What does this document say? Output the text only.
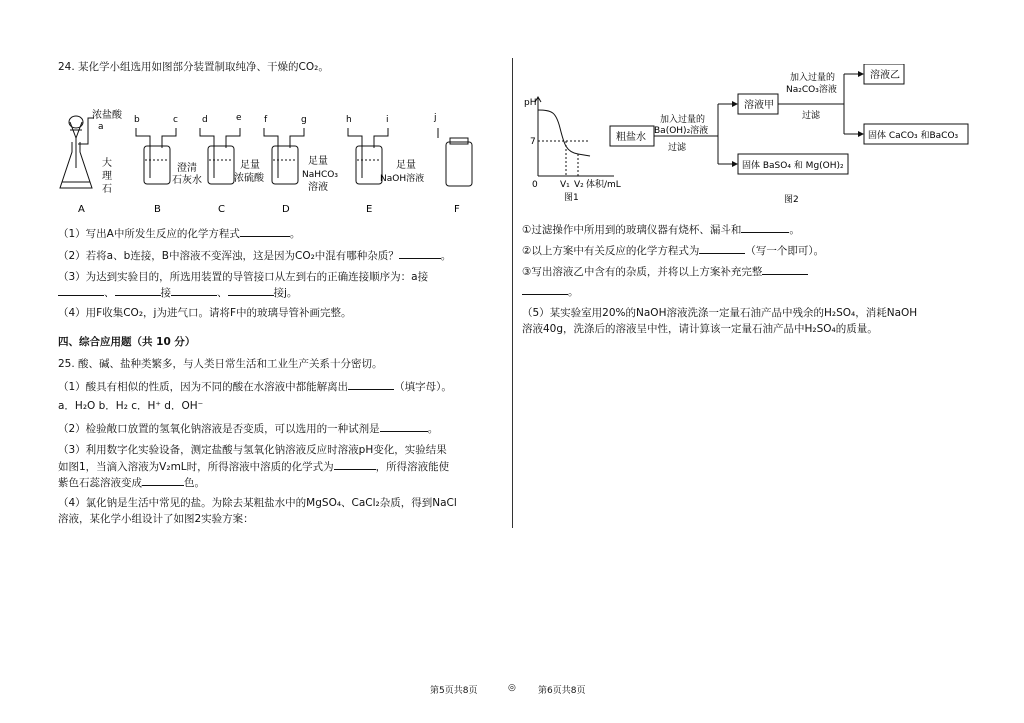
24. 某化学小组选用如图部分装置制取纯净、干燥的CO₂。
浓盐酸
a
大
理
石
b	c
澄清
石灰水
d	e
足量
浓硫酸
f	g
足量
NaHCO₃
溶液
h	i
足量
NaOH溶液
j
A	B	C	D	E	F
（1）写出A中所发生反应的化学方程式	。
（2）若将a、b连接，B中溶液不变浑浊，这是因为CO₂中混有哪种杂质？	。
（3）为达到实验目的，所选用装置的导管接口从左到右的正确连接顺序为：a接
、	接	、	接j。
（4）用F收集CO₂，j为进气口。请将F中的玻璃导管补画完整。
四、综合应用题（共 10 分）
25. 酸、碱、盐种类繁多，与人类日常生活和工业生产关系十分密切。
（1）酸具有相似的性质，因为不同的酸在水溶液中都能解离出	（填字母）。
a．H₂O b．H₂ c．H⁺ d．OH⁻
（2）检验敞口放置的氢氧化钠溶液是否变质，可以选用的一种试剂是	。
（3）利用数字化实验设备，测定盐酸与氢氧化钠溶液反应时溶液pH变化，实验结果
如图1，当滴入溶液为V₂mL时，所得溶液中溶质的化学式为	，所得溶液能使
紫色石蕊溶液变成	色。
（4）氯化钠是生活中常见的盐。为除去某粗盐水中的MgSO₄、CaCl₂杂质，得到NaCl
溶液，某化学小组设计了如图2实验方案：
pH
7
0 V₁ V₂ 体积/mL
图1
粗盐水
加入过量的
Ba(OH)₂溶液
过滤
溶液甲
固体 BaSO₄ 和 Mg(OH)₂
加入过量的
Na₂CO₃溶液
过滤
溶液乙
固体 CaCO₃ 和BaCO₃
图2
①过滤操作中所用到的玻璃仪器有烧杯、漏斗和	。
②以上方案中有关反应的化学方程式为	（写一个即可）。
③写出溶液乙中含有的杂质，并将以上方案补充完整
。
（5）某实验室用20%的NaOH溶液洗涤一定量石油产品中残余的H₂SO₄，消耗NaOH
溶液40g，洗涤后的溶液呈中性，请计算该一定量石油产品中H₂SO₄的质量。
第5页共8页	◎ 第6页共8页
